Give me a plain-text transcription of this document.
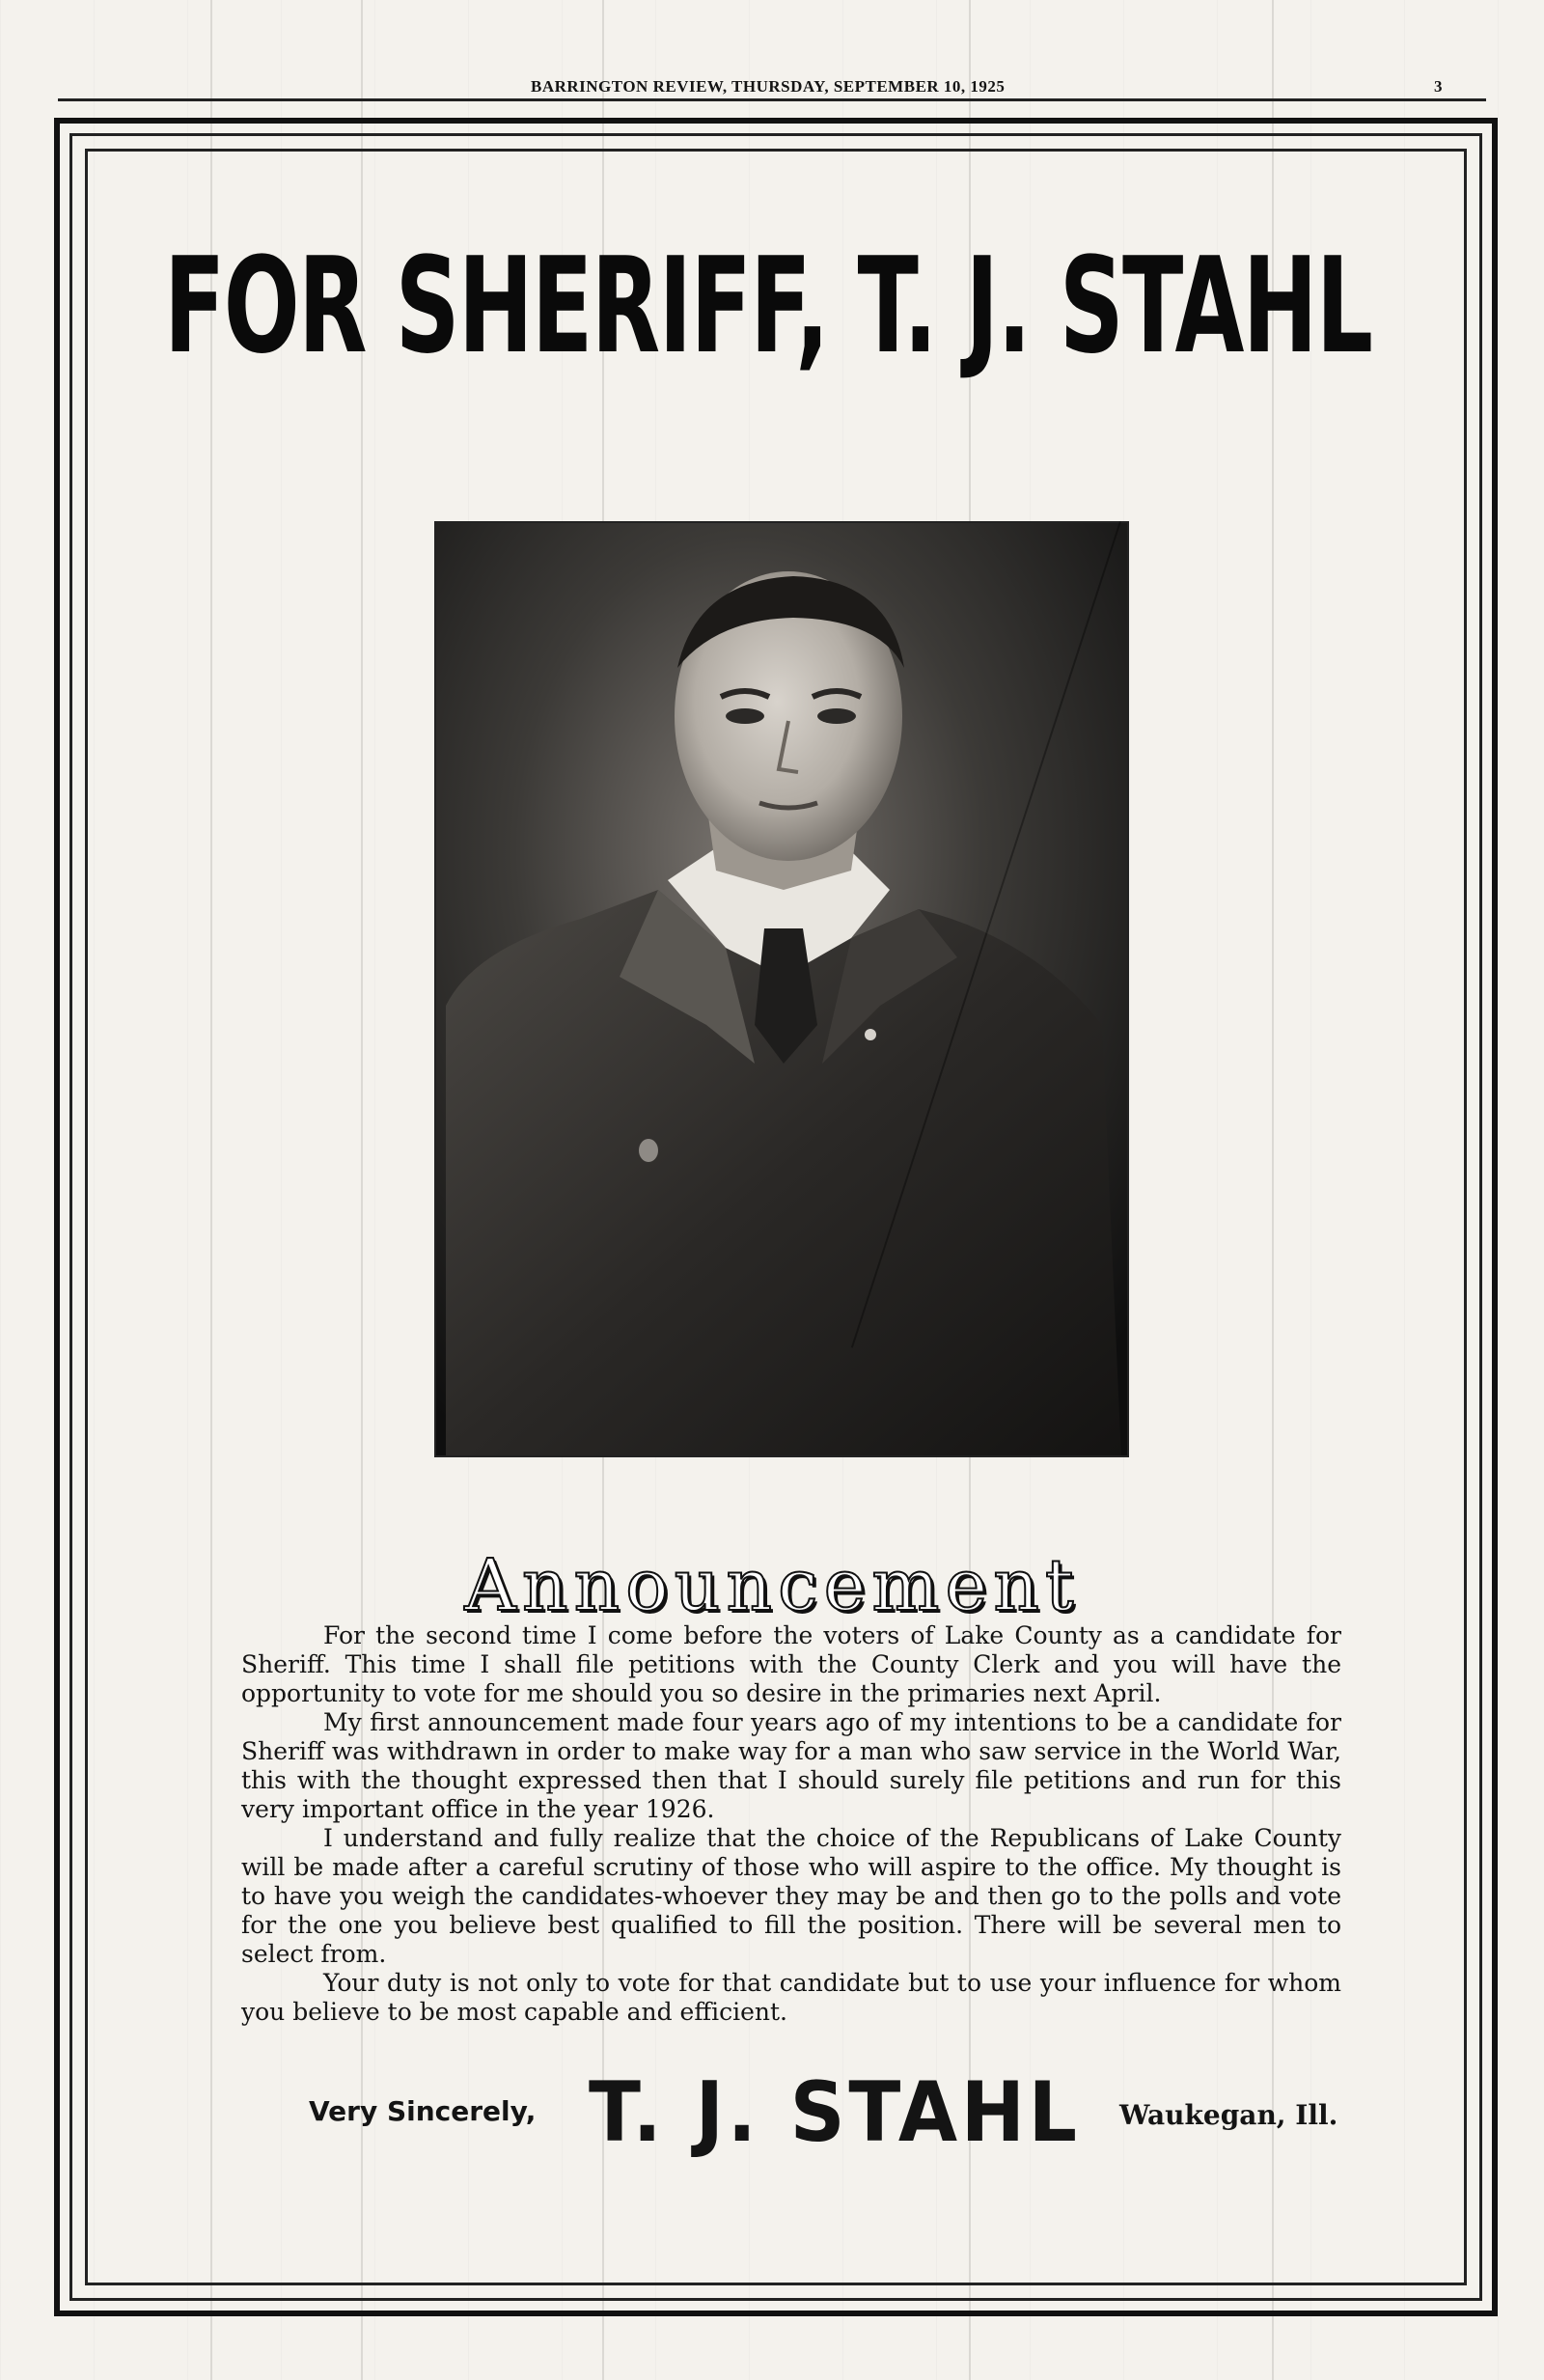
BARRINGTON REVIEW, THURSDAY, SEPTEMBER 10, 1925	3
FOR SHERIFF, T. J. STAHL
Announcement

For the second time I come before the voters of Lake County as a candidate for Sheriff. This time I shall file petitions with the County Clerk and you will have the opportunity to vote for me should you so desire in the primaries next April.

My first announcement made four years ago of my intentions to be a candidate for Sheriff was withdrawn in order to make way for a man who saw service in the World War, this with the thought expressed then that I should surely file petitions and run for this very important office in the year 1926.

I understand and fully realize that the choice of the Republicans of Lake County will be made after a careful scrutiny of those who will aspire to the office. My thought is to have you weigh the candidates-whoever they may be and then go to the polls and vote for the one you believe best qualified to fill the position. There will be several men to select from.

Your duty is not only to vote for that candidate but to use your influence for whom you believe to be most capable and efficient.

Very Sincerely, T. J. STAHL Waukegan, Ill.
